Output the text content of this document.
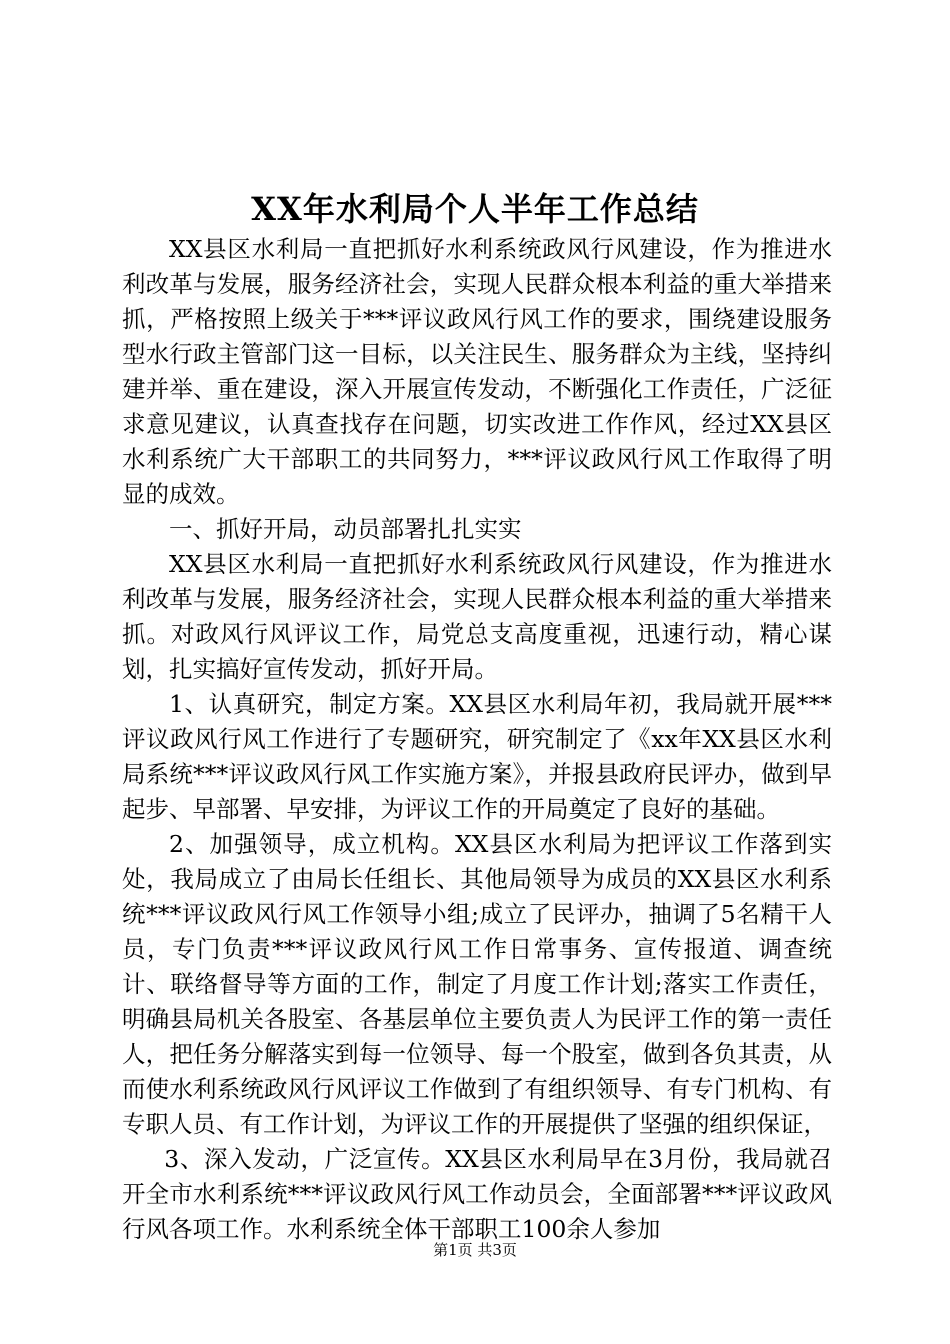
XX年水利局个人半年工作总结

XX县区水利局一直把抓好水利系统政风行风建设，作为推进水利改革与发展，服务经济社会，实现人民群众根本利益的重大举措来抓，严格按照上级关于***评议政风行风工作的要求，围绕建设服务型水行政主管部门这一目标，以关注民生、服务群众为主线，坚持纠建并举、重在建设，深入开展宣传发动，不断强化工作责任，广泛征求意见建议，认真查找存在问题，切实改进工作作风，经过XX县区水利系统广大干部职工的共同努力，***评议政风行风工作取得了明显的成效。

一、抓好开局，动员部署扎扎实实

XX县区水利局一直把抓好水利系统政风行风建设，作为推进水利改革与发展，服务经济社会，实现人民群众根本利益的重大举措来抓。对政风行风评议工作，局党总支高度重视，迅速行动，精心谋划，扎实搞好宣传发动，抓好开局。

1、认真研究，制定方案。XX县区水利局年初，我局就开展***评议政风行风工作进行了专题研究，研究制定了《xx年XX县区水利局系统***评议政风行风工作实施方案》，并报县政府民评办，做到早起步、早部署、早安排，为评议工作的开局奠定了良好的基础。

2、加强领导，成立机构。XX县区水利局为把评议工作落到实处，我局成立了由局长任组长、其他局领导为成员的XX县区水利系统***评议政风行风工作领导小组;成立了民评办，抽调了5名精干人员，专门负责***评议政风行风工作日常事务、宣传报道、调查统计、联络督导等方面的工作，制定了月度工作计划;落实工作责任，明确县局机关各股室、各基层单位主要负责人为民评工作的第一责任人，把任务分解落实到每一位领导、每一个股室，做到各负其责，从而使水利系统政风行风评议工作做到了有组织领导、有专门机构、有专职人员、有工作计划，为评议工作的开展提供了坚强的组织保证，

3、深入发动，广泛宣传。XX县区水利局早在3月份，我局就召开全市水利系统***评议政风行风工作动员会，全面部署***评议政风行风各项工作。水利系统全体干部职工100余人参加

第1页 共3页
